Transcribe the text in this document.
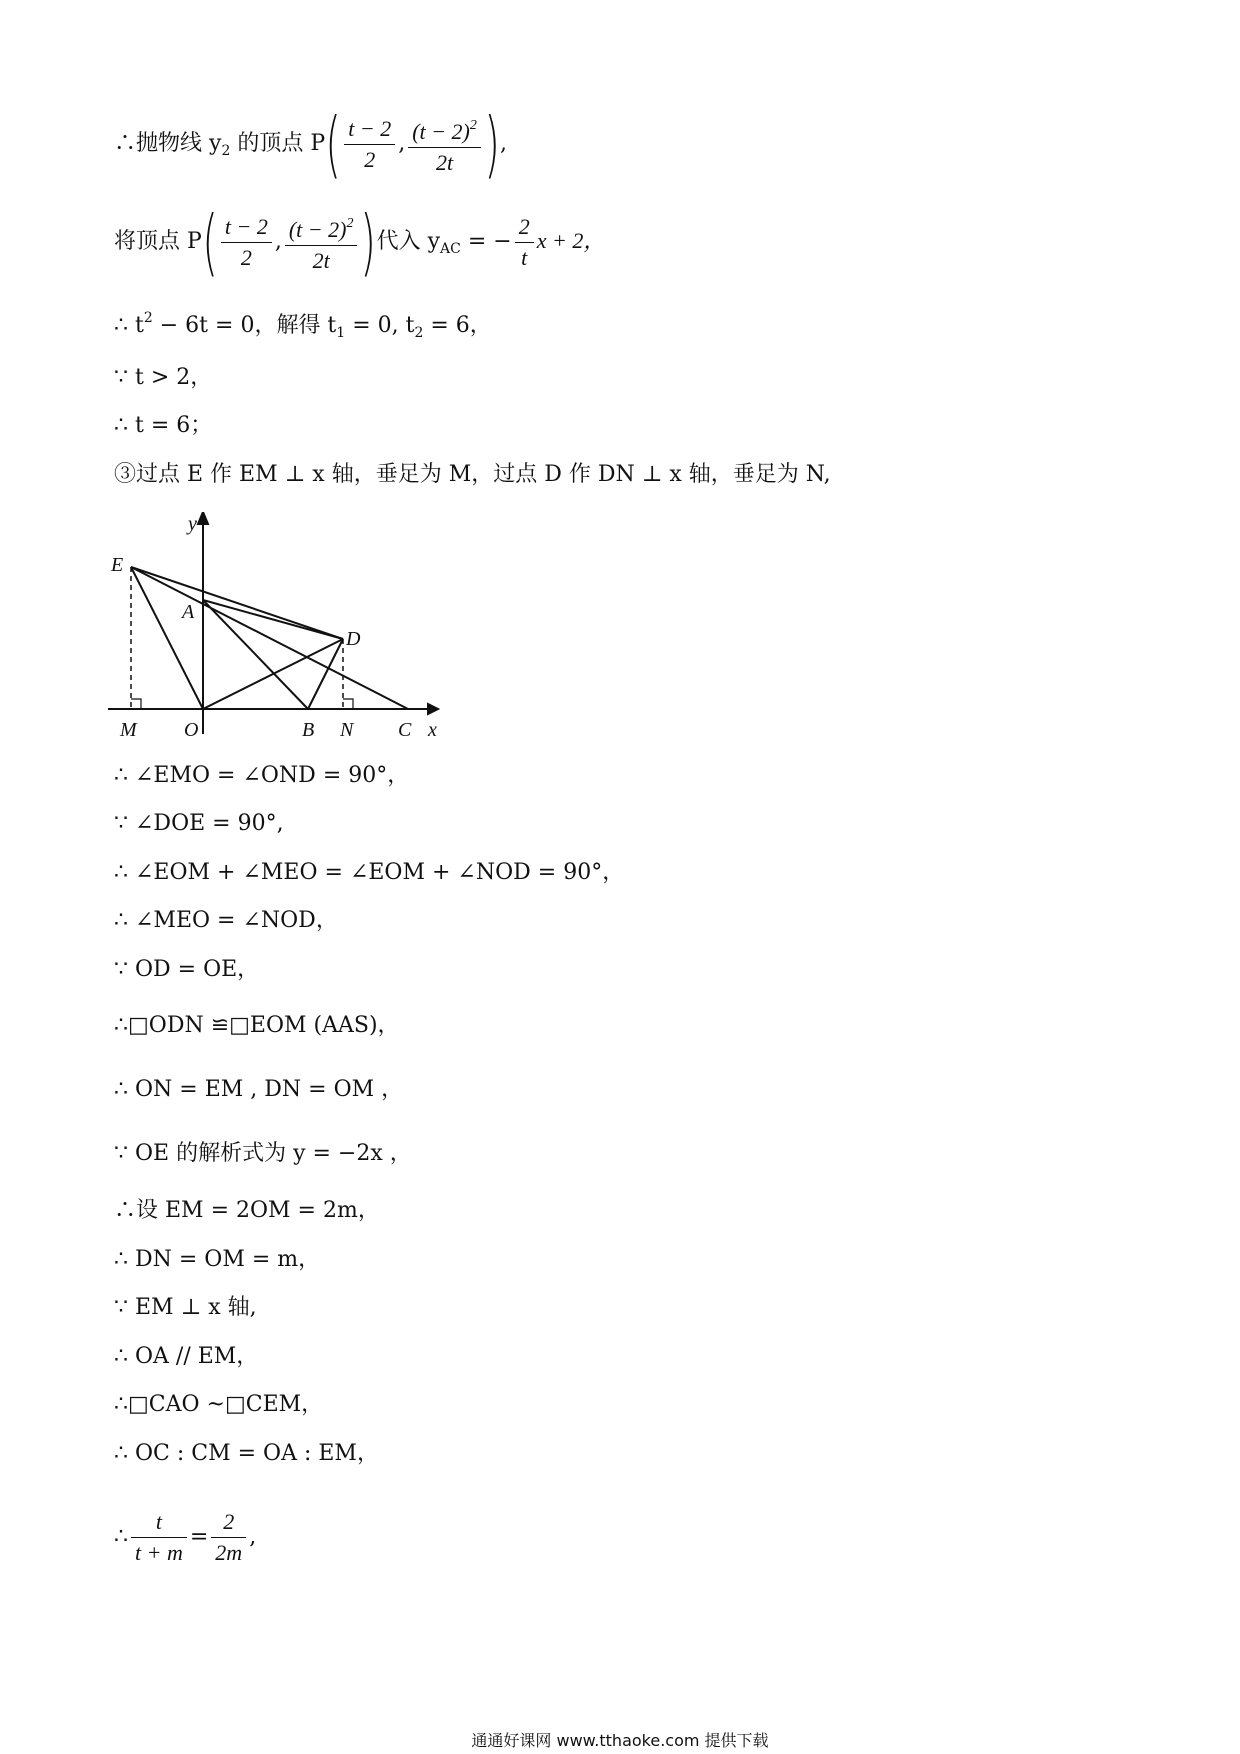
∴抛物线 $y_2$ 的顶点 $P( \frac{t - 2}{2}$ , $\frac{(t - 2)^2}{2t}$ ),
将顶点 $P( \frac{t - 2}{2}$ , $\frac{(t - 2)^2}{2t}$ )代入 $y_{AC}$ = − $\frac{2}{t}$ x + 2，
∴ $t^2 - 6t = 0$，解得 $t_1 = 0$, $t_2 = 6$，
∵ t > 2，
∴ t = 6；
③过点 E 作 EM ⊥ x 轴，垂足为 M，过点 D 作 DN ⊥ x 轴，垂足为 N,
y
E
A
D
M O	B N C x
∴ ∠EMO = ∠OND = 90°，
∵ ∠DOE = 90°,
∴ ∠EOM + ∠MEO = ∠EOM + ∠NOD = 90°，
∴ ∠MEO = ∠NOD，
∵ OD = OE，
∴□ODN ≌□EOM (AAS)，
∴ ON = EM , DN = OM ，
∵ OE 的解析式为 y = −2x ，
∴设 EM = 2OM = 2m，
∴ DN = OM = m，
∵ EM ⊥ x 轴,
∴ OA // EM，
∴□CAO ~□CEM，
∴ OC : CM = OA : EM，
∴ $\frac{t}{t + m} = \frac{2}{2m}$ ,
通通好课网 www.tthaoke.com 提供下载
